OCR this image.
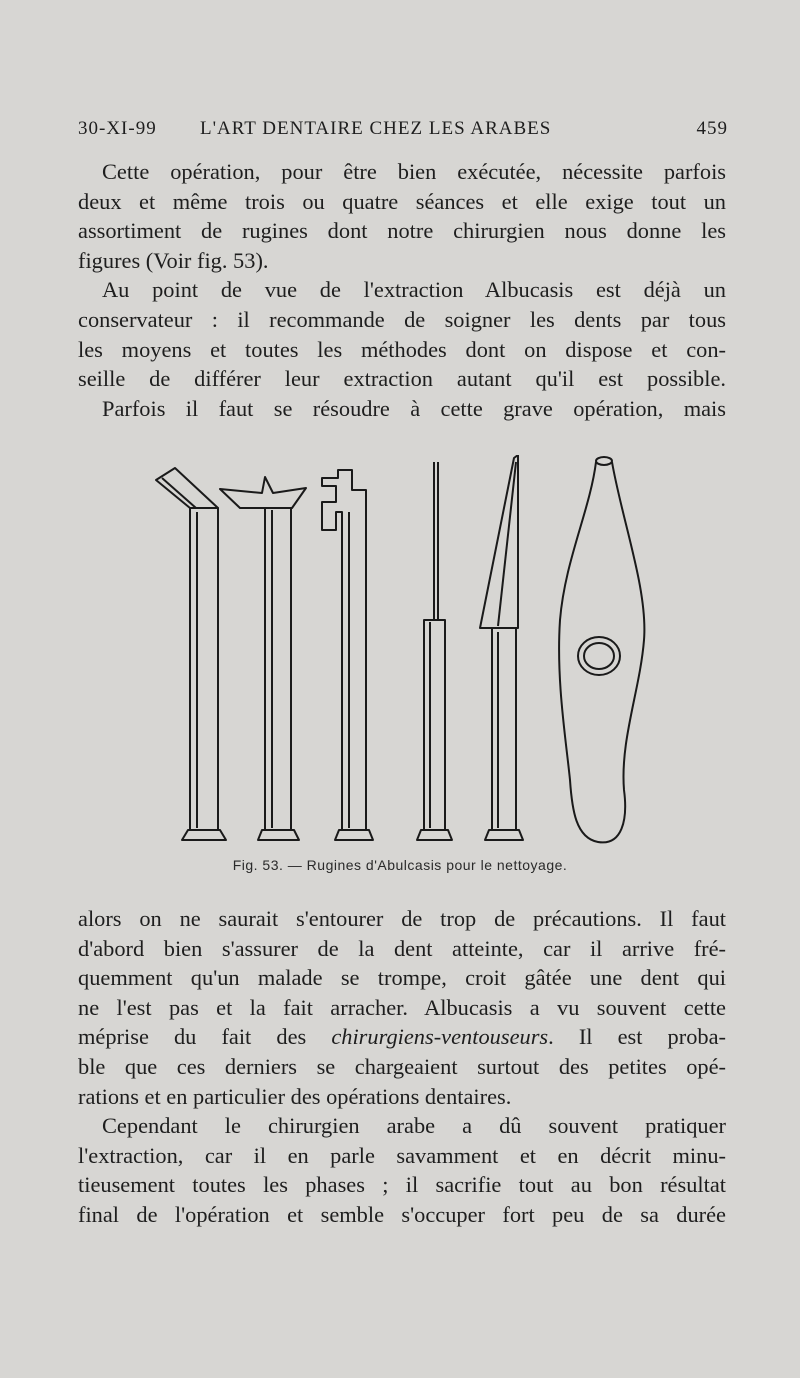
30-XI-99 L'ART DENTAIRE CHEZ LES ARABES	459

Cette opération, pour être bien exécutée, nécessite parfois
deux et même trois ou quatre séances et elle exige tout un
assortiment de rugines dont notre chirurgien nous donne les
figures (Voir fig. 53).

Au point de vue de l'extraction Albucasis est déjà un
conservateur : il recommande de soigner les dents par tous
les moyens et toutes les méthodes dont on dispose et con-
seille de différer leur extraction autant qu'il est possible.

Parfois il faut se résoudre à cette grave opération, mais

Fig. 53. — Rugines d'Abulcasis pour le nettoyage.

alors on ne saurait s'entourer de trop de précautions. Il faut
d'abord bien s'assurer de la dent atteinte, car il arrive fré-
quemment qu'un malade se trompe, croit gâtée une dent qui
ne l'est pas et la fait arracher. Albucasis a vu souvent cette
méprise du fait des chirurgiens-ventouseurs. Il est proba-
ble que ces derniers se chargeaient surtout des petites opé-
rations et en particulier des opérations dentaires.

Cependant le chirurgien arabe a dû souvent pratiquer
l'extraction, car il en parle savamment et en décrit minu-
tieusement toutes les phases ; il sacrifie tout au bon résultat
final de l'opération et semble s'occuper fort peu de sa durée
